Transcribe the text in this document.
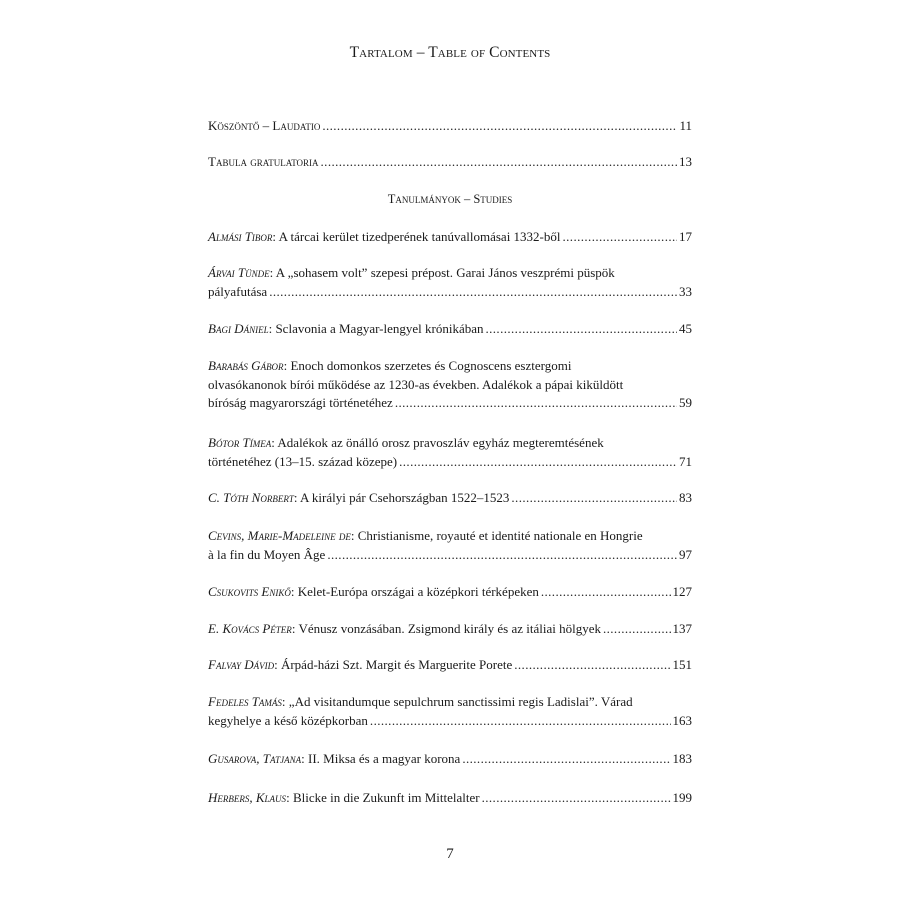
Tartalom – Table of Contents
Köszöntő – Laudatio .....	11
Tabula gratulatoria .....	13
Tanulmányok – Studies
Almási Tibor: A tárcai kerület tizedperének tanúvallomásai 1332-ből .....	17
Árvai Tünde: A „sohasem volt” szepesi prépost. Garai János veszprémi püspök
pályafutása .....	33
Bagi Dániel: Sclavonia a Magyar-lengyel krónikában .....	45
Barabás Gábor: Enoch domonkos szerzetes és Cognoscens esztergomi
olvasókanonok bírói működése az 1230-as években. Adalékok a pápai kiküldött
bíróság magyarországi történetéhez .....	59
Bótor Tímea: Adalékok az önálló orosz pravoszláv egyház megteremtésének
történetéhez (13–15. század közepe) .....	71
C. Tóth Norbert: A királyi pár Csehországban 1522–1523 .....	83
Cevins, Marie-Madeleine de: Christianisme, royauté et identité nationale en Hongrie
à la fin du Moyen Âge .....	97
Csukovits Enikő: Kelet-Európa országai a középkori térképeken .....	127
E. Kovács Péter: Vénusz vonzásában. Zsigmond király és az itáliai hölgyek .....	137
Falvay Dávid: Árpád-házi Szt. Margit és Marguerite Porete .....	151
Fedeles Tamás: „Ad visitandumque sepulchrum sanctissimi regis Ladislai”. Várad
kegyhelye a késő középkorban .....	163
Gusarova, Tatjana: II. Miksa és a magyar korona .....	183
Herbers, Klaus: Blicke in die Zukunft im Mittelalter .....	199
7
